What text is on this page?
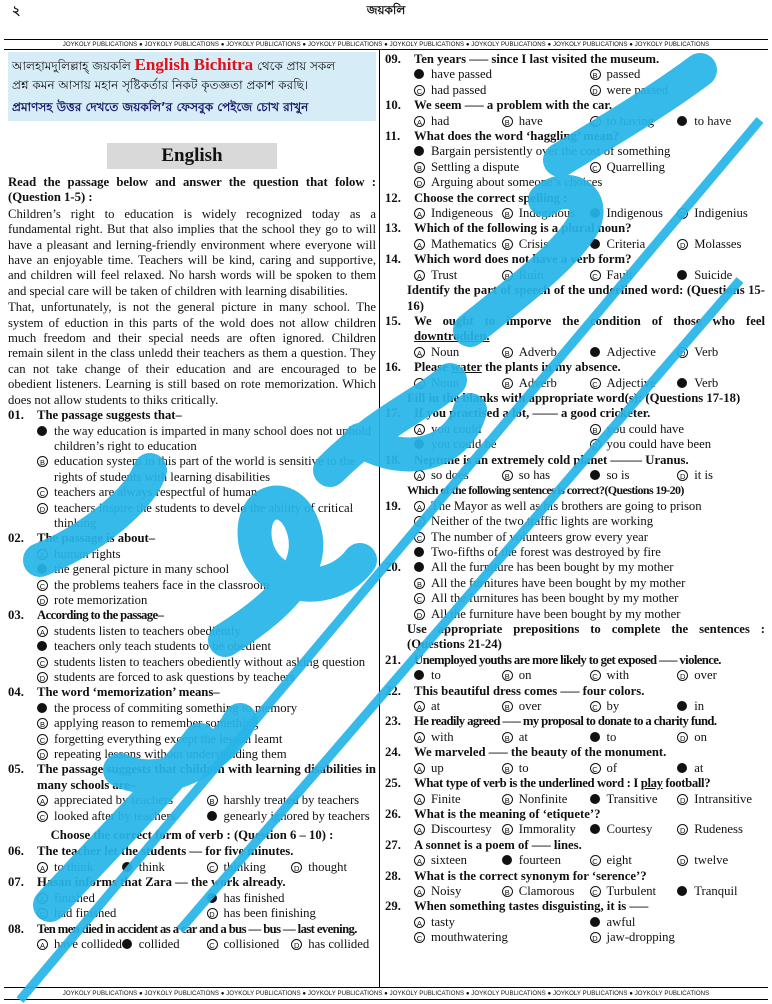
২	জয়কলি
JOYKOLY PUBLICATIONS ● JOYKOLY PUBLICATIONS ● JOYKOLY PUBLICATIONS ● JOYKOLY PUBLICATIONS ● JOYKOLY PUBLICATIONS ● JOYKOLY PUBLICATIONS ● JOYKOLY PUBLICATIONS ● JOYKOLY PUBLICATIONS
JOYKOLY PUBLICATIONS ● JOYKOLY PUBLICATIONS ● JOYKOLY PUBLICATIONS ● JOYKOLY PUBLICATIONS ● JOYKOLY PUBLICATIONS ● JOYKOLY PUBLICATIONS ● JOYKOLY PUBLICATIONS ● JOYKOLY PUBLICATIONS
আলহামদুলিল্লাহ্ জয়কলি English Bichitra থেকে প্রায় সকল
প্রশ্ন কমন আসায় মহান সৃষ্টিকর্তার নিকট কৃতজ্ঞতা প্রকাশ করছি।
প্রমাণসহ উত্তর দেখতে জয়কলি’র ফেসবুক পেইজে চোখ রাখুন
English
Read the passage below and answer the question that folow : (Question 1-5) :
Children’s right to education is widely recognized today as a fundamental right. But that also implies that the school they go to will have a pleasant and lerning-friendly environment where everyone will have an enjoyable time. Teachers will be kind, caring and supportive, and children will feel relaxed. No harsh words will be spoken to them and special care will be taken of children with learning disabilities.
That, unfortunately, is not the general picture in many school. The system of eduction in this parts of the wold does not allow children much freedom and their special needs are often ignored. Children remain silent in the class unledd their teachers as them a question. They can not take change of their education and are encouraged to be obedient listeners. Learning is still based on rote memorization. Which does not allow students to thiks critically.
01.	The passage suggests that–
the way education is imparted in many school does not uphold children’s right to education
B education system in this part of the world is sensitive to the rights of students with learning disabilities
C teachers are always respectful of human
D teachers inspire the students to develo the ability of critical thinking
02.	The passage is about–
A human rights
the general picture in many school
C the problems teahers face in the classroom
D rote memorization
03.	According to the passage–
A students listen to teachers obediently
teachers only teach students to be obedient
C students listen to teachers obediently without asking question
D students are forced to ask questions by teachers
04.	The word ‘memorization’ means–
the process of commiting something to memory
B applying reason to remember something
C forgetting everything except the lesson leamt
D repeating lessons without understanding them
05.	The passage suggests that children with learning disabilities in many schools are–
A appreciated by teachers	B harshly treated by teachers
C looked after by teachers	genearly ignored by teachers
Choose the correct form of verb : (Question 6 – 10) :
06.	The teacher let the students — for five minutes.
A to think	think	C thinking	D thought
07.	Hasan informs that Zara — the work already.
A finished	has finished
C had finished	D has been finishing
08.	Ten men died in accident as a car and a bus — bus — last evening.
A have collided collided	C collisioned	D has collided
09.	Ten years —– since I last visited the museum.
have passed	B passed
C had passed	D were passed
10.	We seem —– a problem with the car.
A had	B have	C to having	to have
11.	What does the word ‘haggling’ mean?
Bargain persistently over the cost of something
B Settling a dispute	C Quarrelling
D Arguing about someone’s choices
12.	Choose the correct spelling :
A Indigeneous	B Indeginous	Indigenous	D Indigenius
13.	Which of the following is a plural noun?
A Mathematics	B Crisis	Criteria	D Molasses
14.	Which word does not have a verb form?
A Trust	B Ruin	C Fault	Suicide
Identify the part of speech of the underlined word: (Questions 15-16)
15.	We ought to imporve the condition of those who feel downtrodden.
A Noun	B Adverb	Adjective	D Verb
16.	Please water the plants in my absence.
A Noun	B Adverb	C Adjective	Verb
Fill in the blanks with appropriate word(s): (Questions 17-18)
17.	If you practised a lot, —— a good cricketer.
A you could	B you could have
you could be	D you could have been
18.	Neptune is an extremely cold planet ——– Uranus.
A so does	B so has	so is	D it is
Which of the following sentences is correct?(Questions 19-20)
19.	A The Mayor as well as his brothers are going to prison
B Neither of the two traffic lights are working
C The number of volunteers grow every year
Two-fifths of the forest was destroyed by fire
20.	All the furniture has been bought by my mother
B All the furnitures have been bought by my mother
C All the furnitures has been bought by my mother
D All the furniture have been bought by my mother
Use appropriate prepositions to complete the sentences : (Questions 21-24)
21.	Unemployed youths are more likely to get exposed —– violence.
to	B on	C with	D over
22.	This beautiful dress comes —– four colors.
A at	B over	C by	in
23.	He readily agreed —– my proposal to donate to a charity fund.
A with	B at	to	D on
24.	We marveled —– the beauty of the monument.
A up	B to	C of	at
25.	What type of verb is the underlined word : I play football?
A Finite	B Nonfinite	Transitive	D Intransitive
26.	What is the meaning of ‘etiquete’?
A Discourtesy	B Immorality	Courtesy	D Rudeness
27.	A sonnet is a poem of —– lines.
A sixteen	fourteen	C eight	D twelve
28.	What is the correct synonym for ‘serence’?
A Noisy	B Clamorous	C Turbulent	Tranquil
29.	When something tastes disguisting, it is —–
A tasty	awful
C mouthwatering	D jaw-dropping
